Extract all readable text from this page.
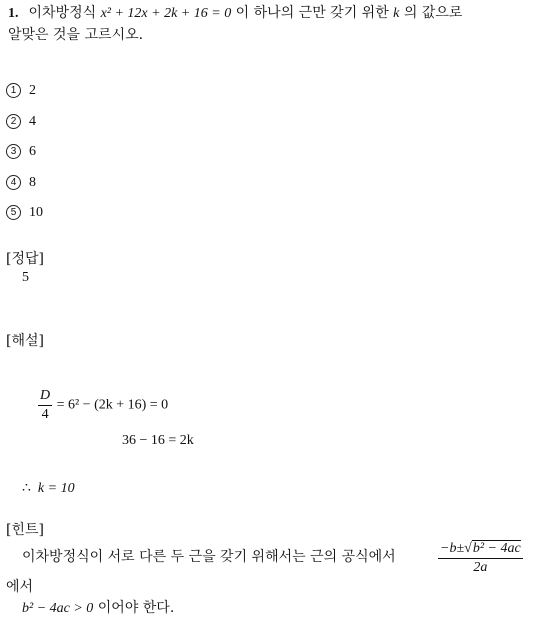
1. 이차방정식 x² + 12x + 2k + 16 = 0 이 하나의 근만 갖기 위한 k 의 값으로
알맞은 것을 고르시오.
1 2
2 4
3 6
4 8
5 10
[정답]
5
[해설]
$\frac{D}{4} = 6^2 - (2k + 16) = 0$
36 − 16 = 2k
∴ k = 10
[힌트]
이차방정식이 서로 다른 두 근을 갖기 위해서는 근의 공식에서	$\frac{\text{−b±√b² − 4ac}}{2a}$
에서
b² − 4ac > 0 이어야 한다.
